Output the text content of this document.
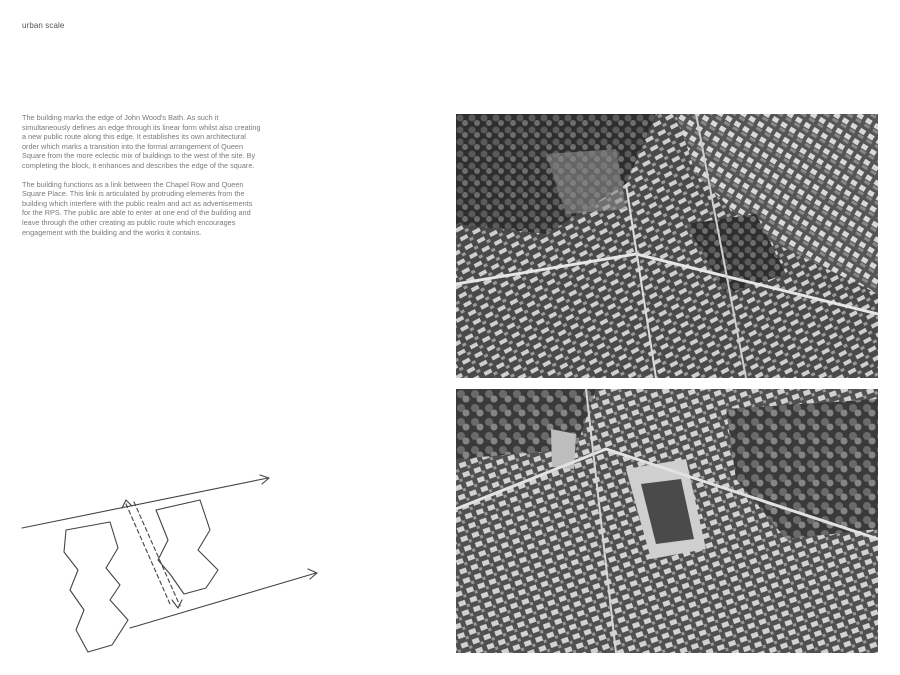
urban scale

The building marks the edge of John Wood's Bath. As such it simultaneously defines an edge through its linear form whilst also creating a new public route along this edge. It establishes its own architectural order which marks a transition into the formal arrangement of Queen Square from the more eclectic mix of buildings to the west of the site. By completing the block, it enhances and describes the edge of the square.

The building functions as a link between the Chapel Row and Queen Square Place. This link is articulated by protruding elements from the building which interfere with the public realm and act as advertisements for the RPS. The public are able to enter at one end of the building and leave through the other creating as public route which encourages engagement with the building and the works it contains.
